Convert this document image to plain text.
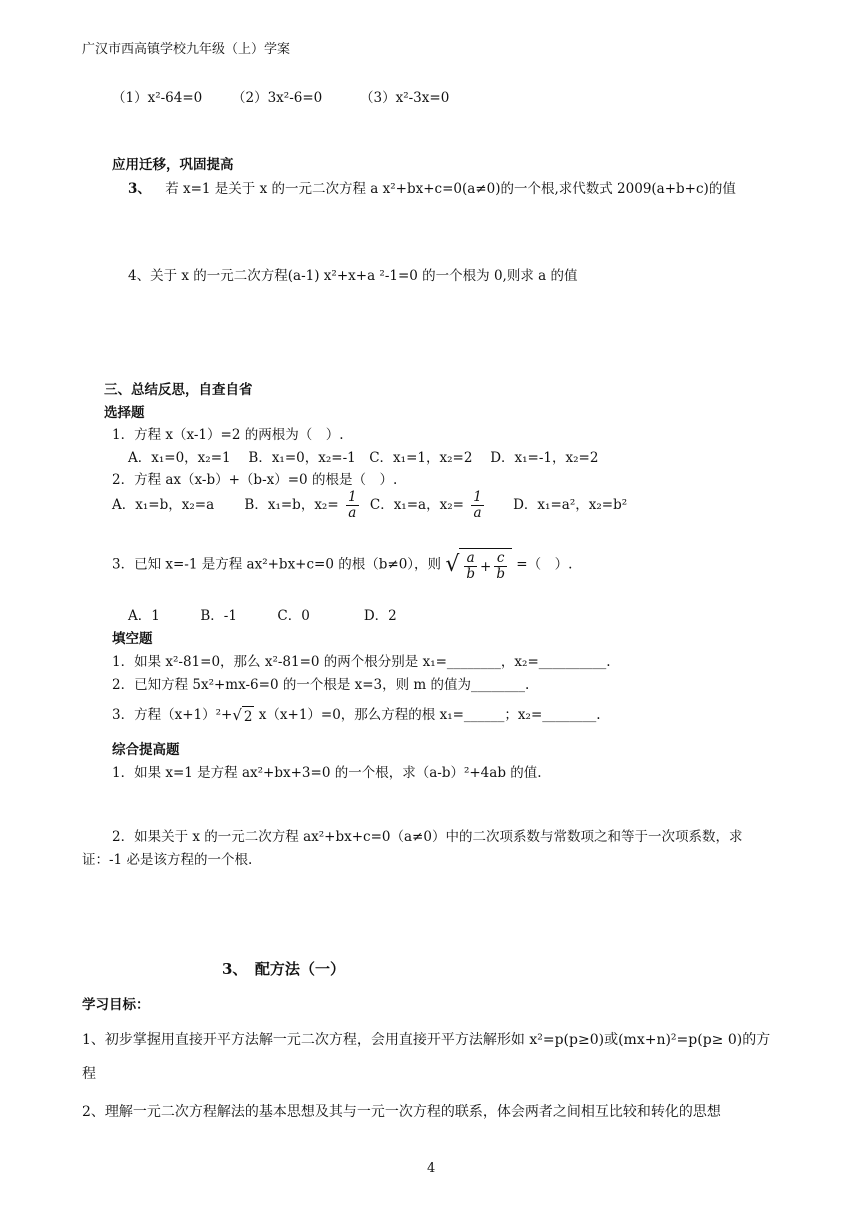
广汉市西高镇学校九年级（上）学案
（1）x²-64=0 （2）3x²-6=0	（3）x²-3x=0
应用迁移，巩固提高
3、 若 x=1 是关于 x 的一元二次方程 a x²+bx+c=0(a≠0)的一个根,求代数式 2009(a+b+c)的值
4、关于 x 的一元二次方程(a-1) x²+x+a ²-1=0 的一个根为 0,则求 a 的值
三、总结反思，自查自省
选择题
1．方程 x（x-1）=2 的两根为（　）.
A．x₁=0，x₂=1　 B．x₁=0，x₂=-1　C．x₁=1，x₂=2　 D．x₁=-1，x₂=2
2．方程 ax（x-b）+（b-x）=0 的根是（　）.
A．x₁=b，x₂=a B．x₁=b，$x_2= \frac{1}{a}$ C．x₁=a，$x_2= \frac{1}{a}$ D．x₁=a²，x₂=b²
3．已知 x=-1 是方程 ax²+bx+c=0 的根（b≠0），则 √ $\frac{a}{b} + \frac{c}{b}$ =（　）.
A．1　　　B．-1　　　C．0　　　　D．2
填空题
1．如果 x²-81=0，那么 x²-81=0 的两个根分别是 x₁=________，x₂=__________.
2．已知方程 5x²+mx-6=0 的一个根是 x=3，则 m 的值为________.
3．方程（x+1）²+ √ 2 x（x+1）=0，那么方程的根 x₁=______；x₂=________.
综合提高题
1．如果 x=1 是方程 ax²+bx+3=0 的一个根，求（a-b）²+4ab 的值.
2．如果关于 x 的一元二次方程 ax²+bx+c=0（a≠0）中的二次项系数与常数项之和等于一次项系数，求证：-1 必是该方程的一个根.
3、　配方法（一）
学习目标：
1、初步掌握用直接开平方法解一元二次方程，会用直接开平方法解形如 x²=p(p≥0)或(mx+n)²=p(p≥ 0)的方程
2、理解一元二次方程解法的基本思想及其与一元一次方程的联系，体会两者之间相互比较和转化的思想
4
